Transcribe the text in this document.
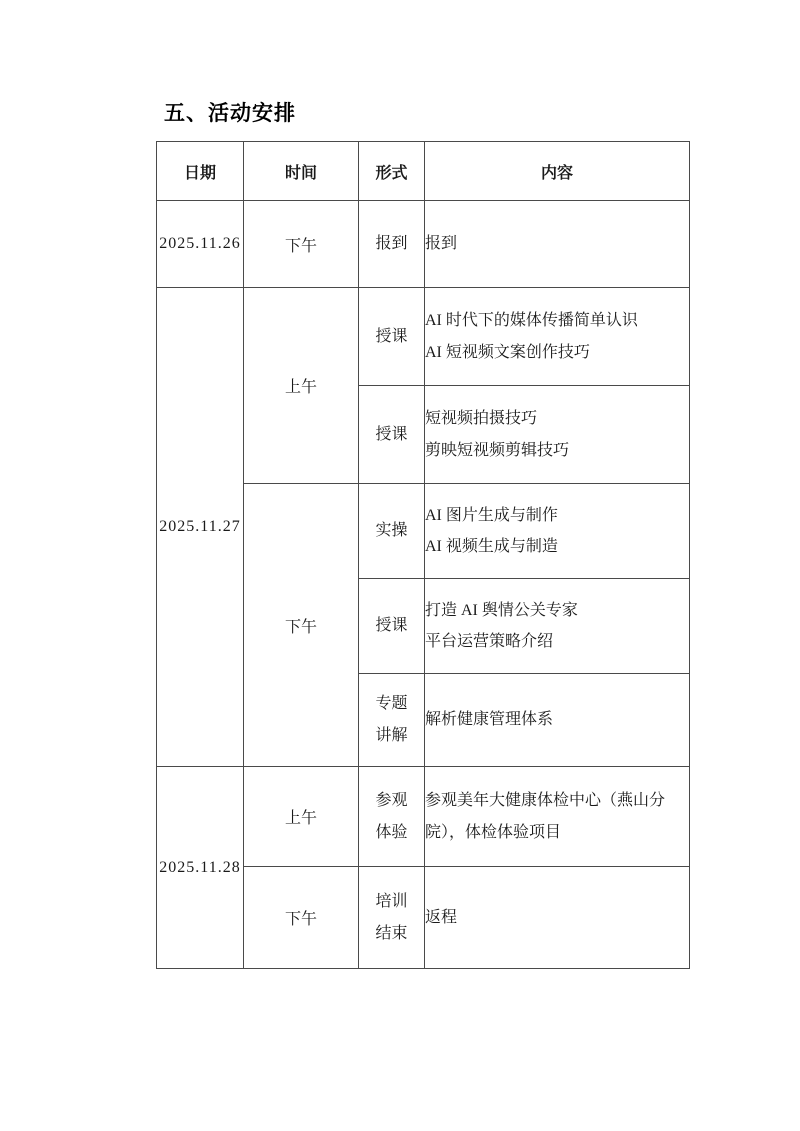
五、活动安排
日期	时间	形式	内容
2025.11.26	下午	报到	报到

2025.11.27	上午	授课	AI 时代下的媒体传播简单认识
AI 短视频文案创作技巧

		授课	短视频拍摄技巧
剪映短视频剪辑技巧

	下午	实操	AI 图片生成与制作
AI 视频生成与制造

		授课	打造 AI 舆情公关专家
平台运营策略介绍

		专题
讲解	解析健康管理体系

2025.11.28	上午	参观
体验	参观美年大健康体检中心（燕山分院），体检体验项目

	下午	培训
结束	返程
